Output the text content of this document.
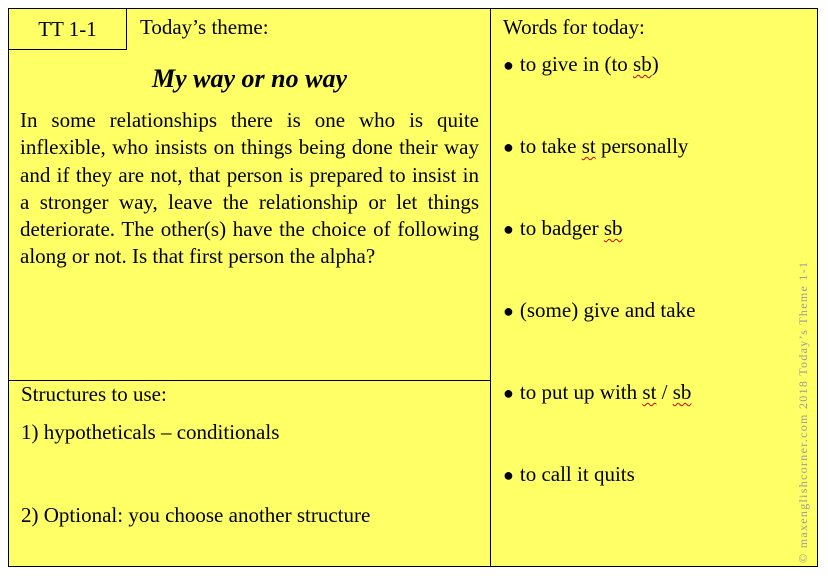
TT 1-1	Today’s theme:
My way or no way

In some relationships there is one who is quite inflexible, who insists on things being done their way and if they are not, that person is prepared to insist in a stronger way, leave the relationship or let things deteriorate. The other(s) have the choice of following along or not. Is that first person the alpha?

Structures to use:
1) hypotheticals – conditionals
2) Optional: you choose another structure
Words for today:
● to give in (to sb)
● to take st personally
● to badger sb
● (some) give and take
● to put up with st / sb
● to call it quits	© maxenglishcorner.com 2018 Today’s Theme 1-1
